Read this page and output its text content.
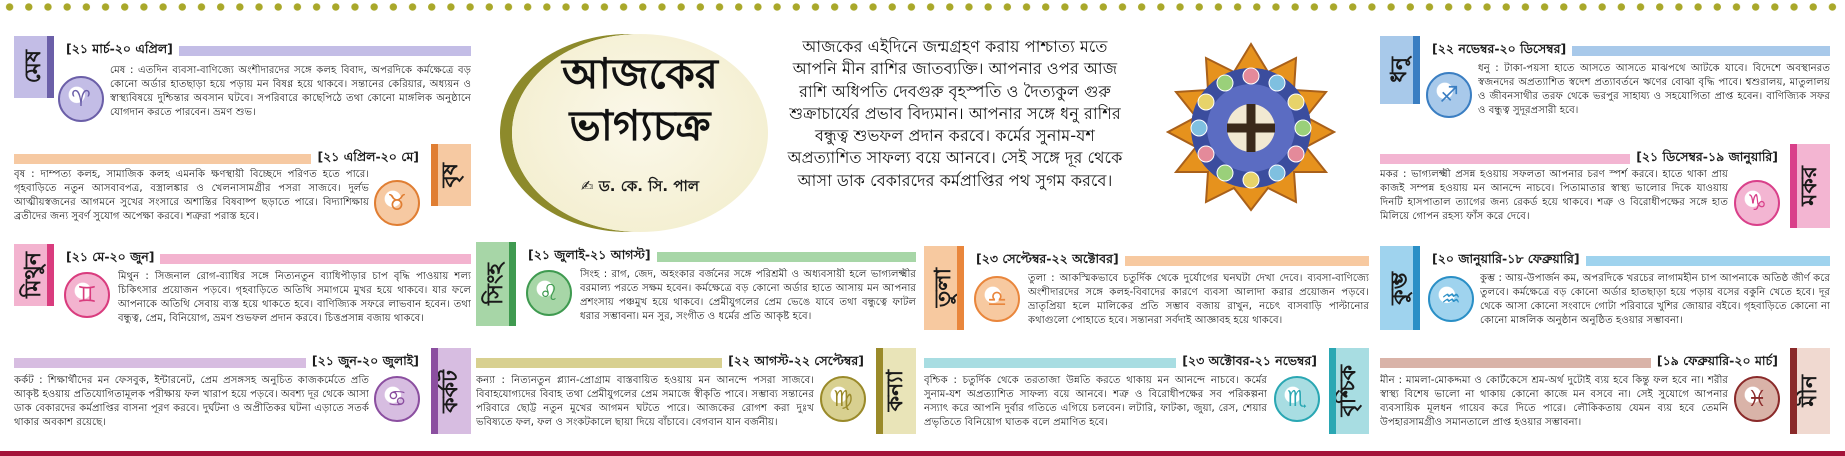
আজকের ভাগ্যচক্র
✍ ড. কে. সি. পাল
আজকের এইদিনে জন্মগ্রহণ করায় পাশ্চাত্য মতে আপনি মীন রাশির জাতব্যক্তি। আপনার ওপর আজ রাশি অধিপতি দেবগুরু বৃহস্পতি ও দৈত্যকুল গুরু শুক্রাচার্যের প্রভাব বিদ্যমান। আপনার সঙ্গে ধনু রাশির বন্ধুত্ব শুভফল প্রদান করবে। কর্মের সুনাম-যশ অপ্রত্যাশিত সাফল্য বয়ে আনবে। সেই সঙ্গে দূর থেকে আসা ডাক বেকারদের কর্মপ্রাপ্তির পথ সুগম করবে।
মেষ
[২১ মার্চ-২০ এপ্রিল]
♈
মেষ : এতদিন ব্যবসা-বাণিজ্যে অংশীদারদের সঙ্গে কলহ বিবাদ, অপরদিকে কর্মক্ষেত্রে বড় কোনো অর্ডার হাতছাড়া হয়ে পড়ায় মন বিষণ্ণ হয়ে থাকবে। সন্তানের কেরিয়ার, অধ্যয়ন ও স্বাস্থ্যবিষয়ে দুশ্চিন্তার অবসান ঘটবে। সপরিবারে কাছেপিঠে তথা কোনো মাঙ্গলিক অনুষ্ঠানে যোগদান করতে পারবেন। ভ্রমণ শুভ।
বৃষ
[২১ এপ্রিল-২০ মে]
♉
বৃষ : দাম্পত্য কলহ, সামাজিক কলহ এমনকি ক্ষণস্থায়ী বিচ্ছেদে পরিণত হতে পারে। গৃহবাড়িতে নতুন আসবাবপত্র, বস্ত্রালঙ্কার ও খেলনাসামগ্রীর পসরা সাজবে। দুর্লভ আত্মীয়স্বজনের আগমনে সুখের সংসারে অশান্তির বিষবাষ্প ছড়াতে পারে। বিদ্যাশিক্ষায় ব্রতীদের জন্য সুবর্ণ সুযোগ অপেক্ষা করবে। শত্রুরা পরাস্ত হবে।
মিথুন	[২১ মে-২০ জুন]
♊
মিথুন : সিজনাল রোগ-ব্যাধির সঙ্গে নিত্যনতুন ব্যাধিপীড়ার চাপ বৃদ্ধি পাওয়ায় শল্য চিকিৎসার প্রয়োজন পড়বে। গৃহবাড়িতে অতিথি সমাগমে মুখর হয়ে থাকবে। যার ফলে আপনাকে অতিথি সেবায় ব্যস্ত হয়ে থাকতে হবে। বাণিজ্যিক সফরে লাভবান হবেন। তথা বন্ধুত্ব, প্রেম, বিনিয়োগ, ভ্রমণ শুভফল প্রদান করবে। চিত্তপ্রসান্ন বজায় থাকবে।
কর্কট
[২১ জুন-২০ জুলাই]
♋
কর্কট : শিক্ষার্থীদের মন ফেসবুক, ইন্টারনেট, প্রেম প্রসঙ্গসহ অনুচিত কাজকর্মেতে প্রতি আকৃষ্ট হওয়ায় প্রতিযোগিতামূলক পরীক্ষায় ফল খারাপ হয়ে পড়বে। অবশ্য দূর থেকে আসা ডাক বেকারদের কর্মপ্রাপ্তির বাসনা পূরণ করবে। দুর্ঘটনা ও অপ্রীতিকর ঘটনা এড়াতে সতর্ক থাকার অবকাশ রয়েছে।
সিংহ
[২১ জুলাই-২১ আগস্ট]
♌
সিংহ : রাগ, জেদ, অহংকার বর্জনের সঙ্গে পরিশ্রমী ও অধ্যবসায়ী হলে ভাগ্যলক্ষ্মীর বরমাল্য পরতে সক্ষম হবেন। কর্মক্ষেত্রে বড় কোনো অর্ডার হাতে আসায় মন আপনার প্রশংসায় পঞ্চমুখ হয়ে থাকবে। প্রেমীযুগলের প্রেম ভেঙে যাবে তথা বন্ধুত্বে ফাটল ধরার সম্ভাবনা। মন সুর, সংগীত ও ধর্মের প্রতি আকৃষ্ট হবে।
কন্যা
[২২ আগস্ট-২২ সেপ্টেম্বর]
♍
কন্যা : নিত্যনতুন প্ল্যান-প্রোগ্রাম বাস্তবায়িত হওয়ায় মন আনন্দে পসরা সাজবে। বিবাহযোগ্যদের বিবাহ তথা প্রেমীযুগলের প্রেম সমাজে স্বীকৃতি পাবে। সম্ভাব্য সন্তানের পরিবারে ছোট্ট নতুন মুখের আগমন ঘটতে পারে। আজকের রোগশ করা দুঃখ ভবিষ্যতে ফল, ফল ও সংকটকালে ছায়া দিয়ে বাঁচাবে। বেগবান যান বর্জনীয়।
তুলা
[২৩ সেপ্টেম্বর-২২ অক্টোবর]
♎
তুলা : আকস্মিকভাবে চতুর্দিক থেকে দুর্যোগের ঘনঘটা দেখা দেবে। ব্যবসা-বাণিজ্যে অংশীদারদের সঙ্গে কলহ-বিবাদের কারণে ব্যবসা আলাদা করার প্রয়োজন পড়বে। ভ্রাতৃপ্রিয়া হলে মালিকের প্রতি সম্ভাব বজায় রাখুন, নচেৎ বাসবাড়ি পাল্টানোর কথাগুলো পোহাতে হবে। সন্তানরা সর্বদাই আজ্ঞাবহ হয়ে থাকবে।
বৃশ্চিক
[২৩ অক্টোবর-২১ নভেম্বর]
♏
বৃশ্চিক : চতুর্দিক থেকে তরতাজা উন্নতি করতে থাকায় মন আনন্দে নাচবে। কর্মের সুনাম-যশ অপ্রত্যাশিত সাফল্য বয়ে আনবে। শত্রু ও বিরোধীপক্ষের সব পরিকল্পনা নস্যাৎ করে আপনি দুর্বার গতিতে এগিয়ে চলবেন। লটারি, ফাটকা, জুয়া, রেস, শেয়ার প্রভৃতিতে বিনিয়োগ ঘাতক বলে প্রমাণিত হবে।
ধনু
[২২ নভেম্বর-২০ ডিসেম্বর]
♐
ধনু : টাকা-পয়সা হাতে আসতে আসতে মাঝপথে আটকে যাবে। বিদেশে অবস্থানরত স্বজনদের অপ্রত্যাশিত স্বদেশ প্রত্যাবর্তনে ঋণের বোঝা বৃদ্ধি পাবে। শ্বশুরালয়, মাতুলালয় ও জীবনসাথীর তরফ থেকে ভরপুর সাহায্য ও সহযোগিতা প্রাপ্ত হবেন। বাণিজ্যিক সফর ও বন্ধুত্ব সুদূরপ্রসারী হবে।
মকর
[২১ ডিসেম্বর-১৯ জানুয়ারি]
♑
মকর : ভাগ্যলক্ষ্মী প্রসন্ন হওয়ায় সফলতা আপনার চরণ স্পর্শ করবে। হাতে থাকা প্রায় কাজই সম্পন্ন হওয়ায় মন আনন্দে নাচবে। পিতামাতার স্বাস্থ্য ভালোর দিকে যাওয়ায় দিনটি হাসপাতাল ত্যাগের জন্য রেকর্ড হয়ে থাকবে। শত্রু ও বিরোধীপক্ষের সঙ্গে হাত মিলিয়ে গোপন রহস্য ফাঁস করে দেবে।
কুম্ভ
[২০ জানুয়ারি-১৮ ফেব্রুয়ারি]
♒
কুম্ভ : আয়-উপার্জন কম, অপরদিকে খরচের লাগামহীন চাপ আপনাকে অতিষ্ঠ জীর্ণ করে তুলবে। কর্মক্ষেত্রে বড় কোনো অর্ডার হাতছাড়া হয়ে পড়ায় বসের বকুনি খেতে হবে। দূর থেকে আসা কোনো সংবাদে গোটা পরিবারে খুশির জোয়ার বইবে। গৃহবাড়িতে কোনো না কোনো মাঙ্গলিক অনুষ্ঠান অনুষ্ঠিত হওয়ার সম্ভাবনা।
মীন
[১৯ ফেব্রুয়ারি-২০ মার্চ]
♓
মীন : মামলা-মোকদ্দমা ও কোর্টকেসে শ্রম-অর্থ দুটোই ব্যয় হবে কিন্তু ফল হবে না। শরীর স্বাস্থ্য বিশেষ ভালো না থাকায় কোনো কাজে মন বসবে না। সেই সুযোগে আপনার ব্যবসায়িক মূলধন গায়েব করে দিতে পারে। লৌকিকতায় যেমন ব্যয় হবে তেমনি উপহারসামগ্রীও সমানতালে প্রাপ্ত হওয়ার সম্ভাবনা।
